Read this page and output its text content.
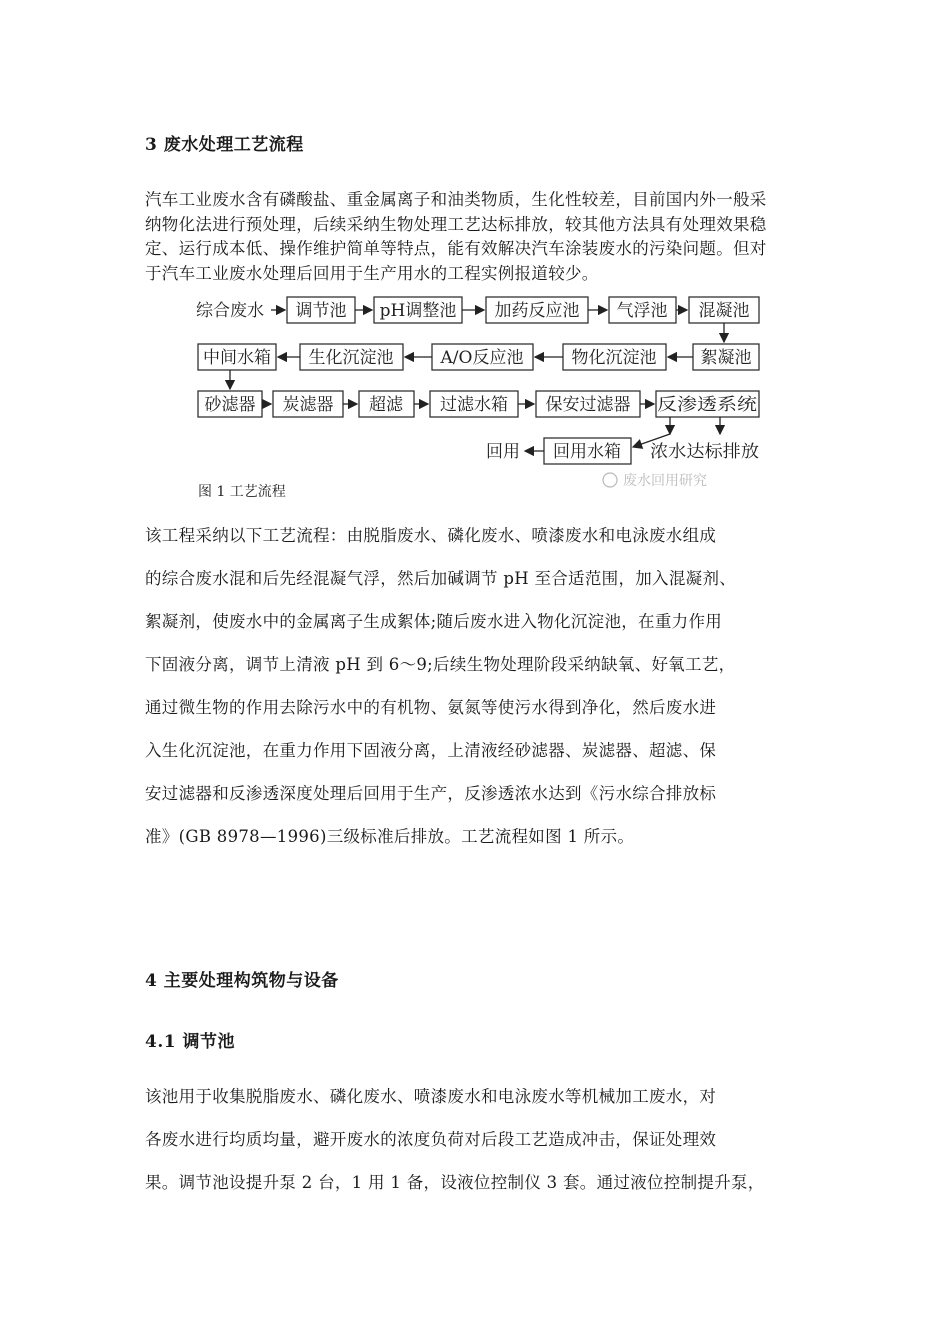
3 废水处理工艺流程
汽车工业废水含有磷酸盐、重金属离子和油类物质，生化性较差，目前国内外一般采
纳物化法进行预处理，后续采纳生物处理工艺达标排放，较其他方法具有处理效果稳
定、运行成本低、操作维护简单等特点，能有效解决汽车涂装废水的污染问题。但对
于汽车工业废水处理后回用于生产用水的工程实例报道较少。
综合废水 调节池 pH调整池 加药反应池 气浮池 混凝池
中间水箱 生化沉淀池	A/O反应池	物化沉淀池	絮凝池
砂滤器 炭滤器 超滤 过滤水箱 保安过滤器 反渗透系统
回用 回用水箱 浓水达标排放
图 1 工艺流程
废水回用研究

该工程采纳以下工艺流程：由脱脂废水、磷化废水、喷漆废水和电泳废水组成

的综合废水混和后先经混凝气浮，然后加碱调节 pH 至合适范围，加入混凝剂、

絮凝剂，使废水中的金属离子生成絮体;随后废水进入物化沉淀池，在重力作用

下固液分离，调节上清液 pH 到 6～9;后续生物处理阶段采纳缺氧、好氧工艺，

通过微生物的作用去除污水中的有机物、氨氮等使污水得到净化，然后废水进

入生化沉淀池，在重力作用下固液分离，上清液经砂滤器、炭滤器、超滤、保

安过滤器和反渗透深度处理后回用于生产，反渗透浓水达到《污水综合排放标

准》(GB 8978—1996)三级标准后排放。工艺流程如图 1 所示。

4 主要处理构筑物与设备
4.1 调节池

该池用于收集脱脂废水、磷化废水、喷漆废水和电泳废水等机械加工废水，对

各废水进行均质均量，避开废水的浓度负荷对后段工艺造成冲击，保证处理效

果。调节池设提升泵 2 台，1 用 1 备，设液位控制仪 3 套。通过液位控制提升泵，
